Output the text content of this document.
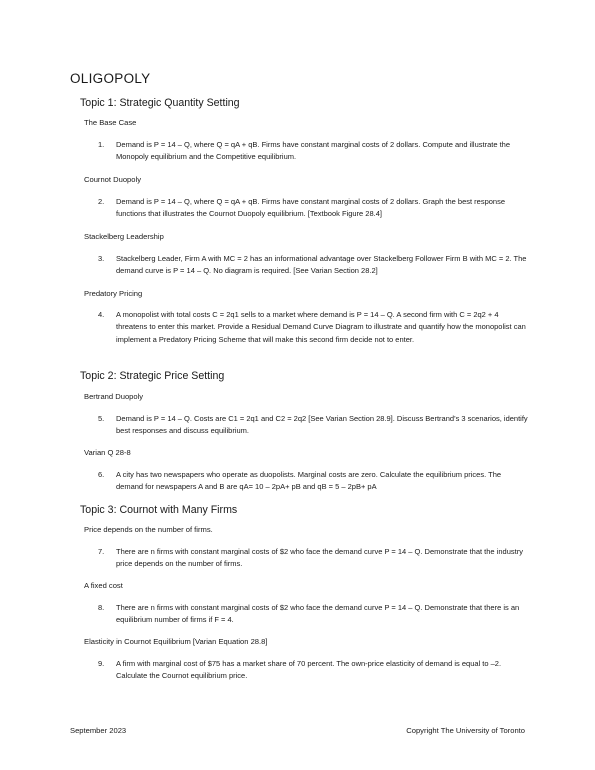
OLIGOPOLY
Topic 1: Strategic Quantity Setting
The Base Case
1. Demand is P = 14 – Q, where Q = qA + qB. Firms have constant marginal costs of 2 dollars. Compute and illustrate the Monopoly equilibrium and the Competitive equilibrium.
Cournot Duopoly
2. Demand is P = 14 – Q, where Q = qA + qB. Firms have constant marginal costs of 2 dollars. Graph the best response functions that illustrates the Cournot Duopoly equilibrium. [Textbook Figure 28.4]
Stackelberg Leadership
3. Stackelberg Leader, Firm A with MC = 2 has an informational advantage over Stackelberg Follower Firm B with MC = 2. The demand curve is P = 14 – Q. No diagram is required. [See Varian Section 28.2]
Predatory Pricing
4. A monopolist with total costs C = 2q1 sells to a market where demand is P = 14 – Q. A second firm with C = 2q2 + 4 threatens to enter this market. Provide a Residual Demand Curve Diagram to illustrate and quantify how the monopolist can implement a Predatory Pricing Scheme that will make this second firm decide not to enter.
Topic 2: Strategic Price Setting
Bertrand Duopoly
5. Demand is P = 14 – Q. Costs are C1 = 2q1 and C2 = 2q2 [See Varian Section 28.9]. Discuss Bertrand’s 3 scenarios, identify best responses and discuss equilibrium.
Varian Q 28-8
6. A city has two newspapers who operate as duopolists. Marginal costs are zero. Calculate the equilibrium prices. The demand for newspapers A and B are qA= 10 – 2pA+ pB and qB = 5 – 2pB+ pA
Topic 3: Cournot with Many Firms
Price depends on the number of firms.
7. There are n firms with constant marginal costs of $2 who face the demand curve P = 14 – Q. Demonstrate that the industry price depends on the number of firms.
A fixed cost
8. There are n firms with constant marginal costs of $2 who face the demand curve P = 14 – Q. Demonstrate that there is an equilibrium number of firms if F = 4.
Elasticity in Cournot Equilibrium [Varian Equation 28.8]
9. A firm with marginal cost of $75 has a market share of 70 percent. The own-price elasticity of demand is equal to –2. Calculate the Cournot equilibrium price.
September 2023	Copyright The University of Toronto
